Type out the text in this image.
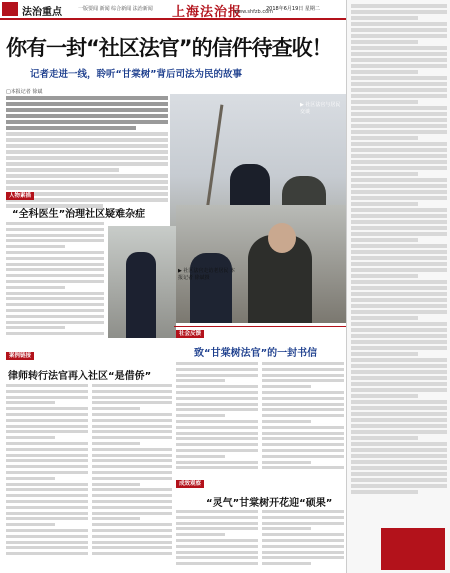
法治重点	一版要闻 新闻 综合新闻 法治新闻 上海法治报
www.shfzb.com
2018年6月19日 星期二
你有一封“社区法官”的信件待查收！
记者走进一线，聆听“甘棠树”背后司法为民的故事
□本报记者 徐斌
▶ 社区法官与居民交谈
人物素描
“全科医生”治理社区疑难杂症
▶ 社区法官走访老居民 本报记者 徐斌摄
案例链接
律师转行法官再入社区“是借侨”
社会反馈
致“甘棠树法官”的一封书信
成效观察
“灵气”甘棠树开花迎“硕果”
